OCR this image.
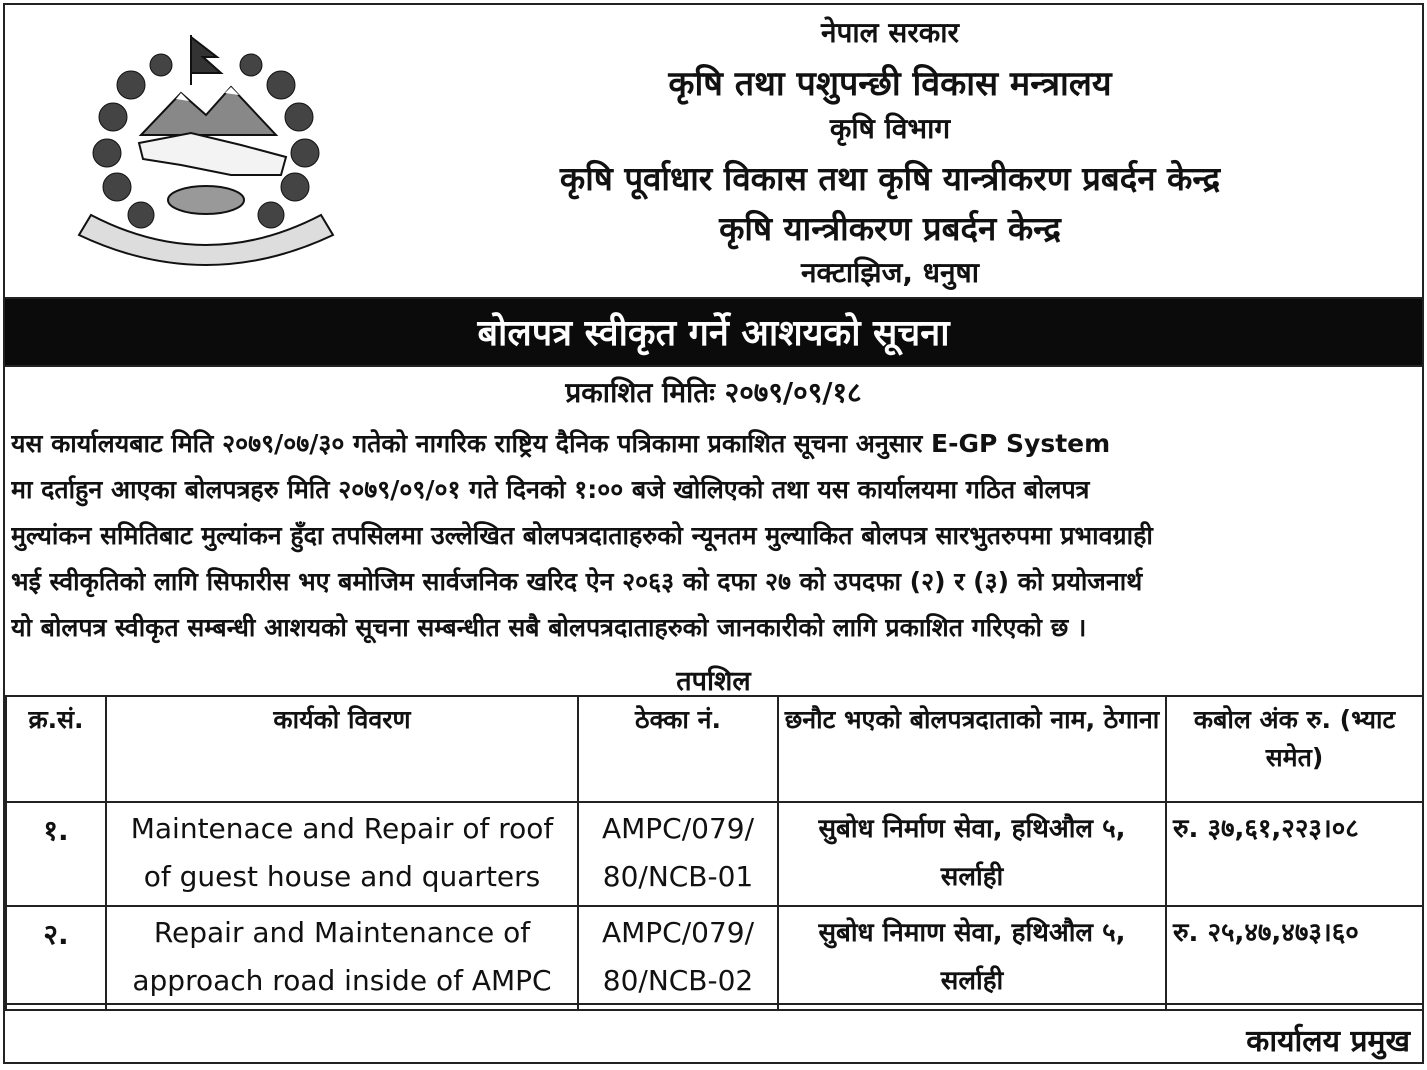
नेपाल सरकार
कृषि तथा पशुपन्छी विकास मन्त्रालय
कृषि विभाग
कृषि पूर्वाधार विकास तथा कृषि यान्त्रीकरण प्रबर्दन केन्द्र
कृषि यान्त्रीकरण प्रबर्दन केन्द्र
नक्टाझिज, धनुषा
बोलपत्र स्वीकृत गर्ने आशयको सूचना
प्रकाशित मितिः २०७९/०९/१८
यस कार्यालयबाट मिति २०७९/०७/३० गतेको नागरिक राष्ट्रिय दैनिक पत्रिकामा प्रकाशित सूचना अनुसार E-GP System
मा दर्ताहुन आएका बोलपत्रहरु मिति २०७९/०९/०१ गते दिनको १:०० बजे खोलिएको तथा यस कार्यालयमा गठित बोलपत्र
मुल्यांकन समितिबाट मुल्यांकन हुँदा तपसिलमा उल्लेखित बोलपत्रदाताहरुको न्यूनतम मुल्याकित बोलपत्र सारभुतरुपमा प्रभावग्राही
भई स्वीकृतिको लागि सिफारीस भए बमोजिम सार्वजनिक खरिद ऐन २०६३ को दफा २७ को उपदफा (२) र (३) को प्रयोजनार्थ
यो बोलपत्र स्वीकृत सम्बन्धी आशयको सूचना सम्बन्धीत सबै बोलपत्रदाताहरुको जानकारीको लागि प्रकाशित गरिएको छ ।
तपशिल
क्र.सं.	कार्यको विवरण	ठेक्का नं.	छनौट भएको बोलपत्रदाताको नाम, ठेगाना	कबोल अंक रु. (भ्याट समेत)
१.	Maintenace and Repair of roof of guest house and quarters	AMPC/079/ 80/NCB-01	सुबोध निर्माण सेवा, हथिऔल ५, सर्लाही	रु. ३७,६१,२२३।०८
२.	Repair and Maintenance of approach road inside of AMPC	AMPC/079/ 80/NCB-02	सुबोध निमाण सेवा, हथिऔल ५, सर्लाही	रु. २५,४७,४७३।६०
कार्यालय प्रमुख
